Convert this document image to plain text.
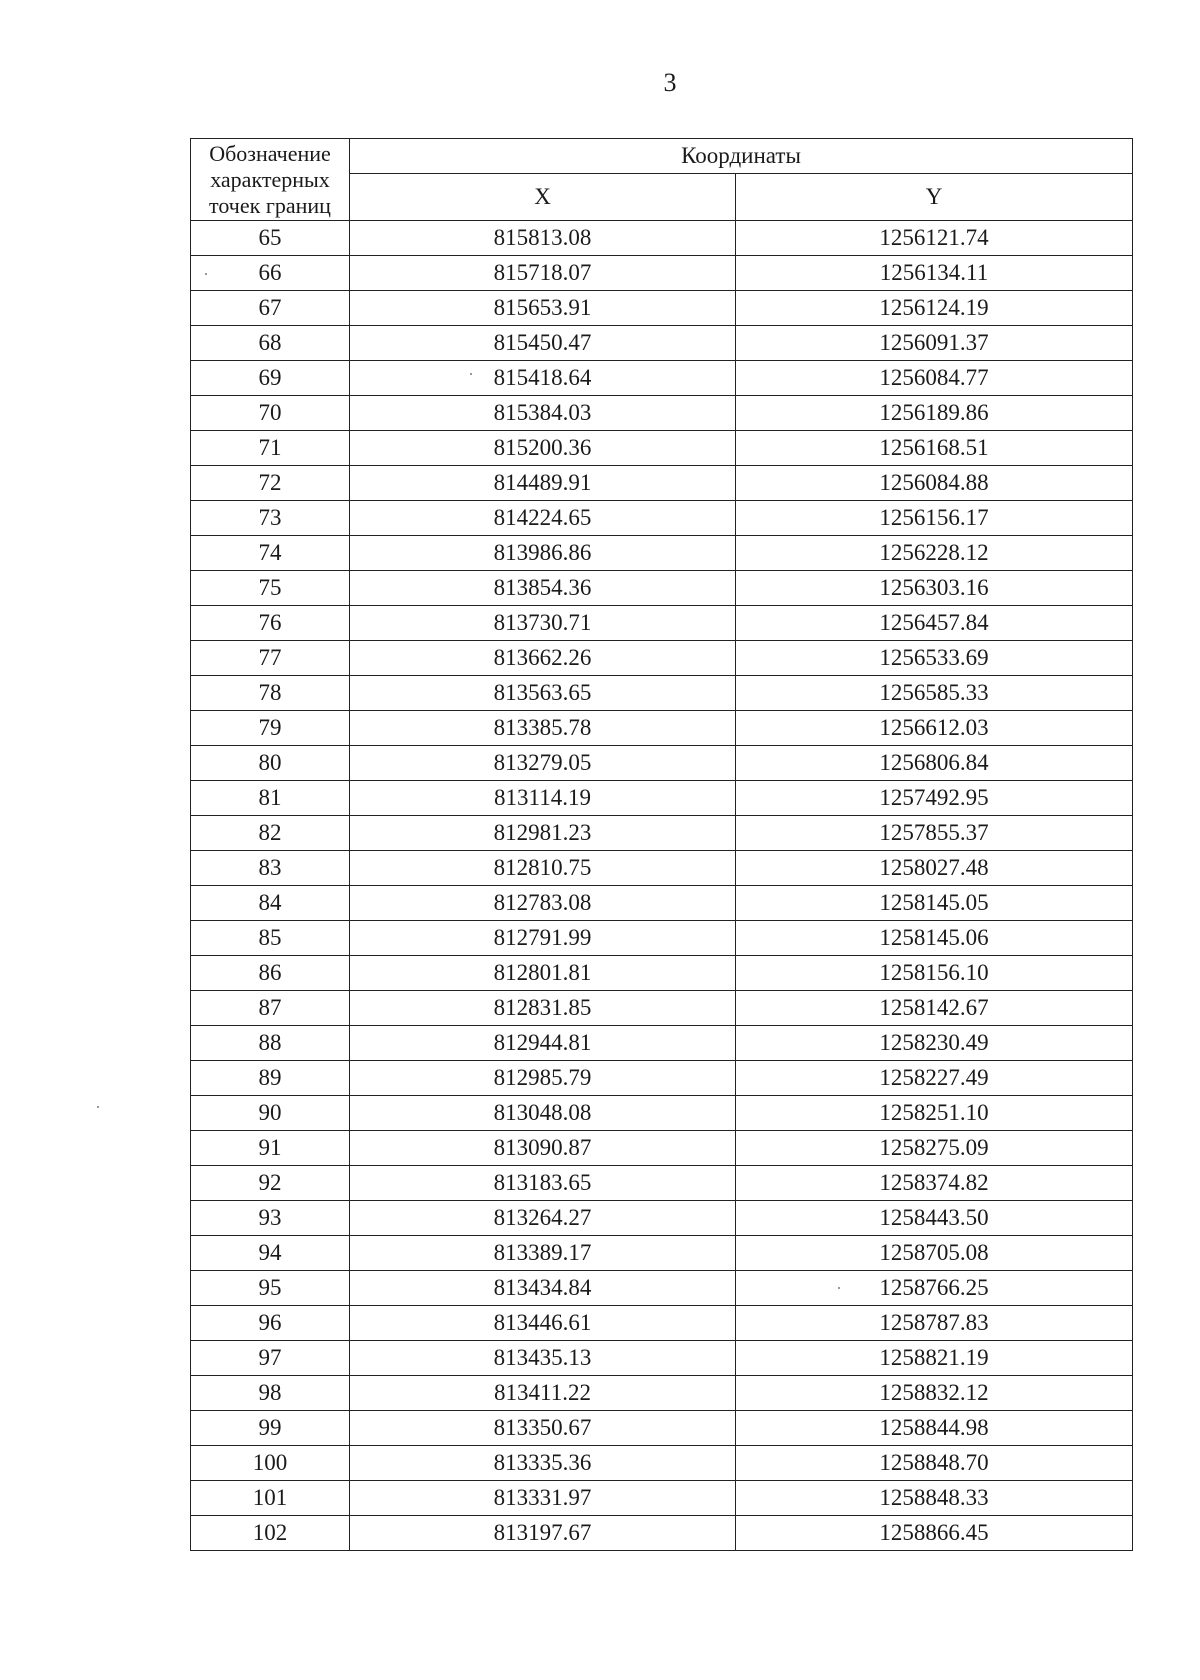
3
Обозначение характерных точек границ	Координаты	
	X	Y
65	815813.08	1256121.74
66	815718.07	1256134.11
67	815653.91	1256124.19
68	815450.47	1256091.37
69	815418.64	1256084.77
70	815384.03	1256189.86
71	815200.36	1256168.51
72	814489.91	1256084.88
73	814224.65	1256156.17
74	813986.86	1256228.12
75	813854.36	1256303.16
76	813730.71	1256457.84
77	813662.26	1256533.69
78	813563.65	1256585.33
79	813385.78	1256612.03
80	813279.05	1256806.84
81	813114.19	1257492.95
82	812981.23	1257855.37
83	812810.75	1258027.48
84	812783.08	1258145.05
85	812791.99	1258145.06
86	812801.81	1258156.10
87	812831.85	1258142.67
88	812944.81	1258230.49
89	812985.79	1258227.49
90	813048.08	1258251.10
91	813090.87	1258275.09
92	813183.65	1258374.82
93	813264.27	1258443.50
94	813389.17	1258705.08
95	813434.84	1258766.25
96	813446.61	1258787.83
97	813435.13	1258821.19
98	813411.22	1258832.12
99	813350.67	1258844.98
100	813335.36	1258848.70
101	813331.97	1258848.33
102	813197.67	1258866.45
